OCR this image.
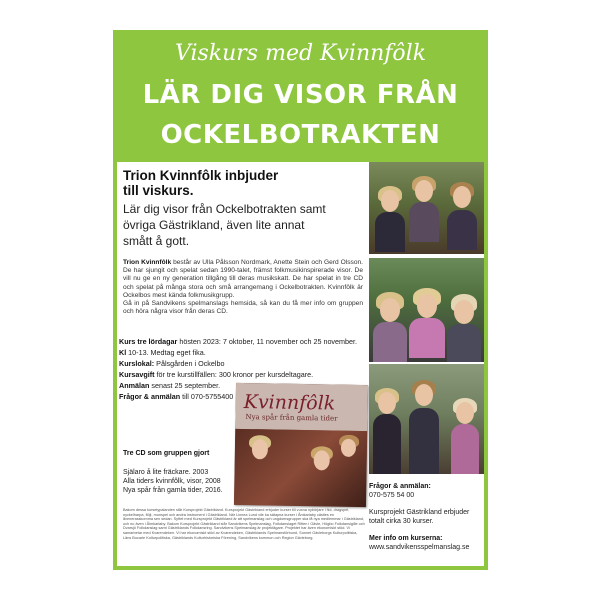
Viskurs med Kvinnfôlk
LÄR DIG VISOR FRÅN
OCKELBOTRAKTEN

Trion Kvinnfôlk inbjuder
till viskurs.

Lär dig visor från Ockelbotrakten samt
övriga Gästrikland, även lite annat
smått å gott.

Trion Kvinnfôlk består av Ulla Pålsson Nordmark, Anette Stein och Gerd Olsson. De har sjungit och spelat sedan 1990-talet, främst folkmusikinspirerade visor. De vill nu ge en ny generation tillgång till deras musikskatt. De har spelat in tre CD och spelat på många stora och små arrangemang i Ockelbotrakten. Kvinnfôlk är Ockelbos mest kända folkmusikgrupp.
Gå in på Sandvikens spelmanslags hemsida, så kan du få mer info om gruppen och höra några visor från deras CD.

Kurs tre lördagar hösten 2023: 7 oktober, 11 november och 25 november.
Kl 10-13. Medtag eget fika.
Kurslokal: Pålsgården i Ockelbo
Kursavgift för tre kurstillfällen: 300 kronor per kursdeltagare.
Anmälan senast 25 september.
Frågor & anmälan till 070-5755400
Tre CD som gruppen gjort
Själaro å lite fräckare. 2003
Alla tiders kvinnfôlk, visor, 2008
Nya spår från gamla tider, 2016.
Kvinnfôlk
Nya spår från gamla tider
Bakom dessa kursetypalanden står Kursprojekt Gästrikland. Kursprojekt Gästrikland erbjuder kurser till vuxna nybörjare i fiol, dragspel, nyckelharpa, flöjt, munspel och andra instrument i Gästrikland. När Linnea Lund vile ka sätapna kurser i Åmkarlaby cästles en åvenerasskomma sen sedan. Syftet med Kursprojekt Gästrikland är att spelmanslag och ungdomsgrupper ska få nya medlemmar i Gästrikland, och nu även i Ålmkarlaby. Bakom Kursprojekt Gästrikland står Sandvikens Spelmanslag, Folkdanslaget Ritten i Gävle, Högbo Folkdanslgille och Dvarsjö Folkdanslag samt Gästriklands Folkdansring. Sandvikens Spelmanslag är projektägare. Projektet har även ekonomiskt stöd. Vi samarbetar med Kvarendeken. Vi har ekonomiskt stöd av Kvarendeken, Gästriklands Spelmansförbund, Sunnet Gävleborgs Kulturpolitiska, Läns Bucarle Kulturpolitiska, Gästriklands Kulturhistoriska Förening, Sandvikens kommun och Region Gävleborg.
Frågor & anmälan:
070-575 54 00
Kursprojekt Gästrikland erbjuder
totalt cirka 30 kurser.
Mer info om kurserna:
www.sandvikensspelmanslag.se
